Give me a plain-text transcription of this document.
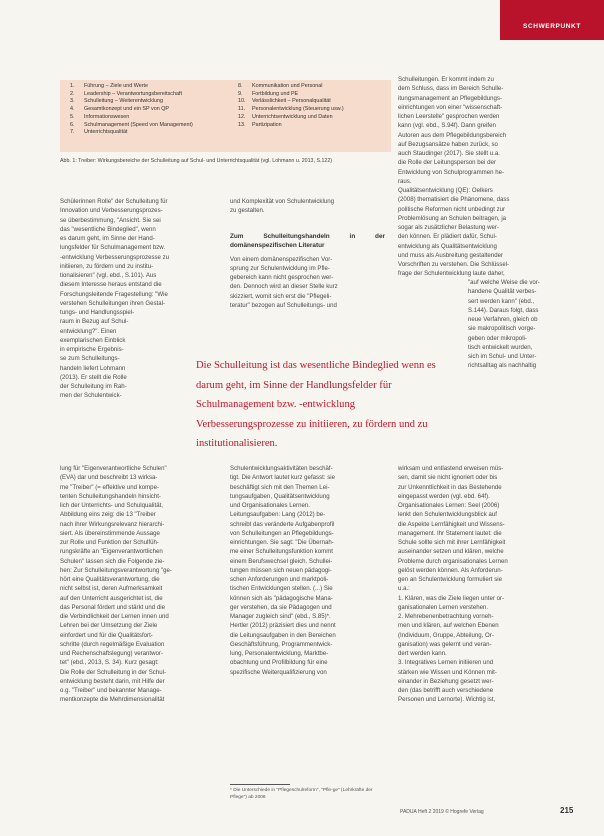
SCHWERPUNKT
1. Führung – Ziele und Werte
2. Leadership – Verantwortungsbereitschaft
3. Schulleitung – Weiterentwicklung
4. Gesamtkonzept und ein SP von QP
5. Informationswesen
6. Schulmanagement (Speed von Management)
7. Unterrichtsqualität
8. Kommunikation und Personal
9. Fortbildung und PE
10. Verlässlichkeit – Personalqualität
11. Personalentwicklung (Steuerung usw.)
12. Unterrichtsentwicklung und Daten
13. Partizipation
Abb. 1: Treiber: Wirkungsbereiche der Schulleitung auf Schul- und Unterrichtsqualität (vgl. Lohmann u. 2013, S.122)
Schülerinnen Rolle" der Schulleitung für
Innovation und Verbesserungsprozes-
se überbestimmung, "Ansicht. Sie sei
das "wesentliche Bindeglied", wenn
es darum geht, im Sinne der Hand-
lungsfelder für Schulmanagement bzw.
-entwicklung Verbesserungsprozesse zu
initiieren, zu fördern und zu institu-
tionalisieren" (vgl. ebd., S.101). Aus
diesem Interesse heraus entstand die
Forschungsleitende Fragestellung: "Wie
verstehen Schulleitungen ihren Gestal-
tungs- und Handlungsspiel-
raum in Bezug auf Schul-
entwicklung?". Einen
exemplarischen Einblick
in empirische Ergebnis-
se zum Schulleitungs-
handeln liefert Lohmann
(2013). Er stellt die Rolle
der Schulleitung im Rah-
men der Schulentwick-
und Komplexität von Schulentwicklung
zu gestalten.
Zum Schulleitungshandeln in der domänenspezifischen Literatur
Von einem domänenspezifischen Vor-
sprung zur Schulentwicklung im Pfle-
gebereich kann nicht gesprochen wer-
den. Dennoch wird an dieser Stelle kurz
skizziert, womit sich erst die "Pflegeli-
teratur" bezogen auf Schulleitungs- und
Schulleitungen. Er kommt indem zu
dem Schluss, dass im Bereich Schulle-
itungsmanagement an Pflegebildungs-
einrichtungen von einer "wissenschaft-
lichen Leerstelle" gesprochen werden
kann (vgl. ebd., S.94f). Dann greifen
Autoren aus dem Pflegebildungsbereich
auf Bezugsansätze haben zurück, so
auch Staudinger (2017). Sie stellt u.a.
die Rolle der Leitungsperson bei der
Entwicklung von Schulprogrammen he-
raus.
Qualitätsentwicklung (QE): Oelkers
(2008) thematisiert die Phänomene, dass
politische Reformen nicht unbedingt zur
Problemlösung an Schulen beitragen, ja
sogar als zusätzlicher Belastung wer-
den können. Er plädiert dafür, Schul-
entwicklung als Qualitätsentwicklung
und muss als Ausbreitung gestaltender
Vorschriften zu verstehen. Die Schlüssel-
frage der Schulentwicklung laute daher,
"auf welche Weise die vor-
handene Qualität verbes-
sert werden kann" (ebd.,
S.144). Daraus folgt, dass
neue Verfahren, gleich ob
sie makropolitisch vorge-
geben oder mikropoli-
tisch entwickelt wurden,
sich im Schul- und Unter-
richtsalltag als nachhaltig
Die Schulleitung ist das wesentliche Bindeglied wenn es darum geht, im Sinne der Handlungsfelder für Schulmanagement bzw. -entwicklung Verbesserungsprozesse zu initiieren, zu fördern und zu institutionalisieren.
lung für "Eigenverantwortliche Schulen"
(EVA) dar und beschreibt 13 wirksa-
me "Treiber" (= effektive und kompe-
tenten Schulleitungshandeln hinsicht-
lich der Unterrichts- und Schulqualität,
Abbildung eins zeig: die 13 "Treiber
nach ihrer Wirkungsrelevanz hierarchi-
siert. Als übereinstimmende Aussage
zur Rolle und Funktion der Schulfüh-
rungskräfte an "Eigenverantwortlichen
Schulen" lassen sich die Folgende zie-
hen: Zur Schulleitungsverantwortung "ge-
hört eine Qualitätsverantwortung, die
nicht selbst ist, deren Aufmerksamkeit
auf den Unterricht ausgerichtet ist, die
das Personal fördert und stärkt und die
die Verbindlichkeit der Lernen innen und
Lehren bei der Umsetzung der Ziele
einfordert und für die Qualitätsfort-
schritte (durch regelmäßige Evaluation
und Rechenschaftslegung) verantwor-
tet" (ebd., 2013, S. 34). Kurz gesagt:
Die Rolle der Schulleitung in der Schul-
entwicklung besteht darin, mit Hilfe der
o.g. "Treiber" und bekannter Manage-
mentkonzepte die Mehrdimensionalität
Schulentwicklungsaktivitäten beschäf-
tigt. Die Antwort lautet kurz gefasst: sie
beschäftigt sich mit den Themen Lei-
tungsaufgaben, Qualitätsentwicklung
und Organisationales Lernen.
Leitungsaufgaben: Lang (2012) be-
schreibt das veränderte Aufgabenprofil
von Schulleitungen an Pflegebildungs-
einrichtungen. Sie sagt: "Die Übernah-
me einer Schulleitungsfunktion kommt
einem Berufswechsel gleich. Schullei-
tungen müssen sich neuen pädagogi-
schen Anforderungen und marktpoli-
tischen Entwicklungen stellen. (...) Sie
können sich als "pädagogische Mana-
ger verstehen, da sie Pädagogen und
Manager zugleich sind" (ebd., S.85)*.
Hertler (2012) präzisiert dies und nennt
die Leitungsaufgaben in den Bereichen
Geschäftsführung, Programmentwick-
lung, Personalentwicklung, Marktbe-
obachtung und Profilbildung für eine
spezifische Weiterqualifizierung von
wirksam und entlastend erweisen müs-
sen, damit sie nicht ignoriert oder bis
zur Unkenntlichkeit in das Bestehende
eingepasst werden (vgl. ebd. 64f).
Organisationales Lernen: Seel (2006)
lenkt den Schulentwicklungsblick auf
die Aspekte Lernfähigkeit und Wissens-
management. Ihr Statement lautet: die
Schule sollte sich mit ihrer Lernfähigkeit
auseinander setzen und klären, welche
Probleme durch organisationales Lernen
gelöst werden können. Als Anforderun-
gen an Schulentwicklung formuliert sie
u.a.:
1. Klären, was die Ziele liegen unter or-
ganisationalen Lernen verstehen.
2. Mehrebenenbetrachtung vorneh-
men und klären, auf welchen Ebenen
(Individuum, Gruppe, Abteilung, Or-
ganisation) was gelernt und veran-
dert werden kann.
3. Integratives Lernen initiieren und
stärken wie Wissen und Können mit-
einander in Beziehung gesetzt wer-
den (das betrifft auch verschiedene
Personen und Lernorte). Wichtig ist,
* Die Unterschiede in "Pflegeschulreform", "Pfle-ge" (Lehrkräfte der Pflege") ab 2006
PADUA Heft 2 2019 © Hogrefe Verlag	215
